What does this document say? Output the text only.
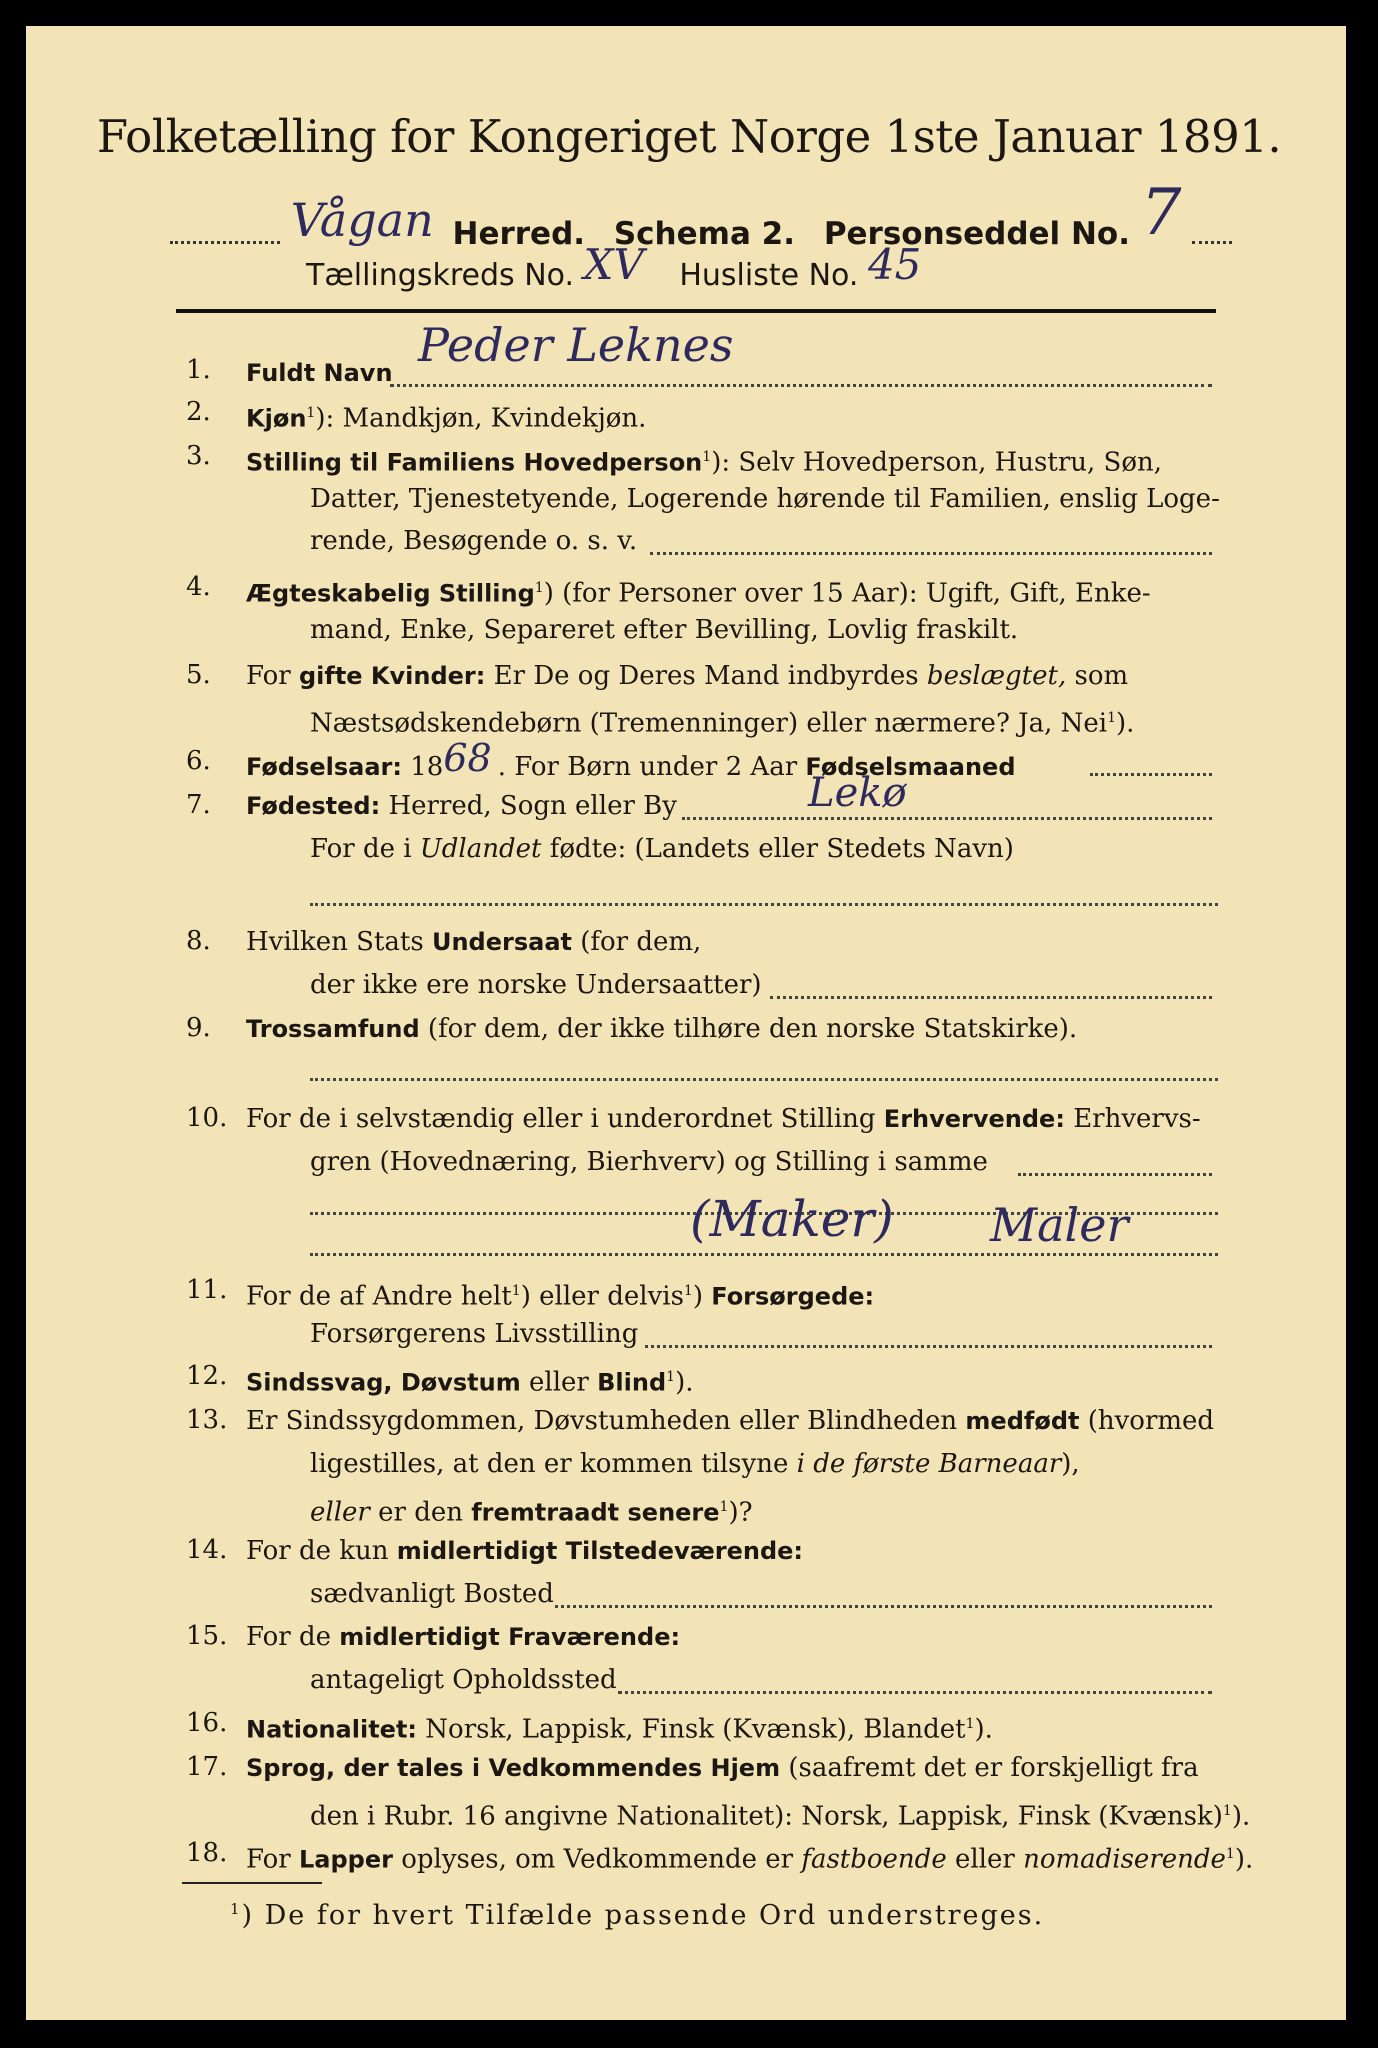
Folketælling for Kongeriget Norge 1ste Januar 1891.
Vågan Herred. Schema 2. Personseddel No. 7
Tællingskreds No. XV Husliste No. 45
1. Fuldt Navn
Peder Leknes
2. Kjøn$^1$): Mandkjøn, Kvindekjøn.
3. Stilling til Familiens Hovedperson$^1$): Selv Hovedperson, Hustru, Søn,
Datter, Tjenestetyende, Logerende hørende til Familien, enslig Loge-
rende, Besøgende o. s. v.
4. Ægteskabelig Stilling$^1$) (for Personer over 15 Aar): Ugift, Gift, Enke-
mand, Enke, Separeret efter Bevilling, Lovlig fraskilt.
5. For gifte Kvinder: Er De og Deres Mand indbyrdes beslægtet, som
Næstsødskendebørn (Tremenninger) eller nærmere? Ja, Nei$^1$).
6. Fødselsaar: 1868 . For Børn under 2 Aar Fødselsmaaned
7. Fødested: Herred, Sogn eller By	Lekø
For de i Udlandet fødte: (Landets eller Stedets Navn)
8. Hvilken Stats Undersaat (for dem,
der ikke ere norske Undersaatter)
9. Trossamfund (for dem, der ikke tilhøre den norske Statskirke).
10. For de i selvstændig eller i underordnet Stilling Erhvervende: Erhvervs-
gren (Hovednæring, Bierhverv) og Stilling i samme
(Maker) Maler
11. For de af Andre helt$^1$) eller delvis$^1$) Forsørgede:
Forsørgerens Livsstilling
12. Sindssvag, Døvstum eller Blind$^1$).
13. Er Sindssygdommen, Døvstumheden eller Blindheden medfødt (hvormed
ligestilles, at den er kommen tilsyne i de første Barneaar),
eller er den fremtraadt senere$^1$)?
14. For de kun midlertidigt Tilstedeværende:
sædvanligt Bosted
15. For de midlertidigt Fraværende:
antageligt Opholdssted
16. Nationalitet: Norsk, Lappisk, Finsk (Kvænsk), Blandet$^1$).
17. Sprog, der tales i Vedkommendes Hjem (saafremt det er forskjelligt fra
den i Rubr. 16 angivne Nationalitet): Norsk, Lappisk, Finsk (Kvænsk)$^1$).
18. For Lapper oplyses, om Vedkommende er fastboende eller nomadiserende$^1$).
$^1$) De for hvert Tilfælde passende Ord understreges.
